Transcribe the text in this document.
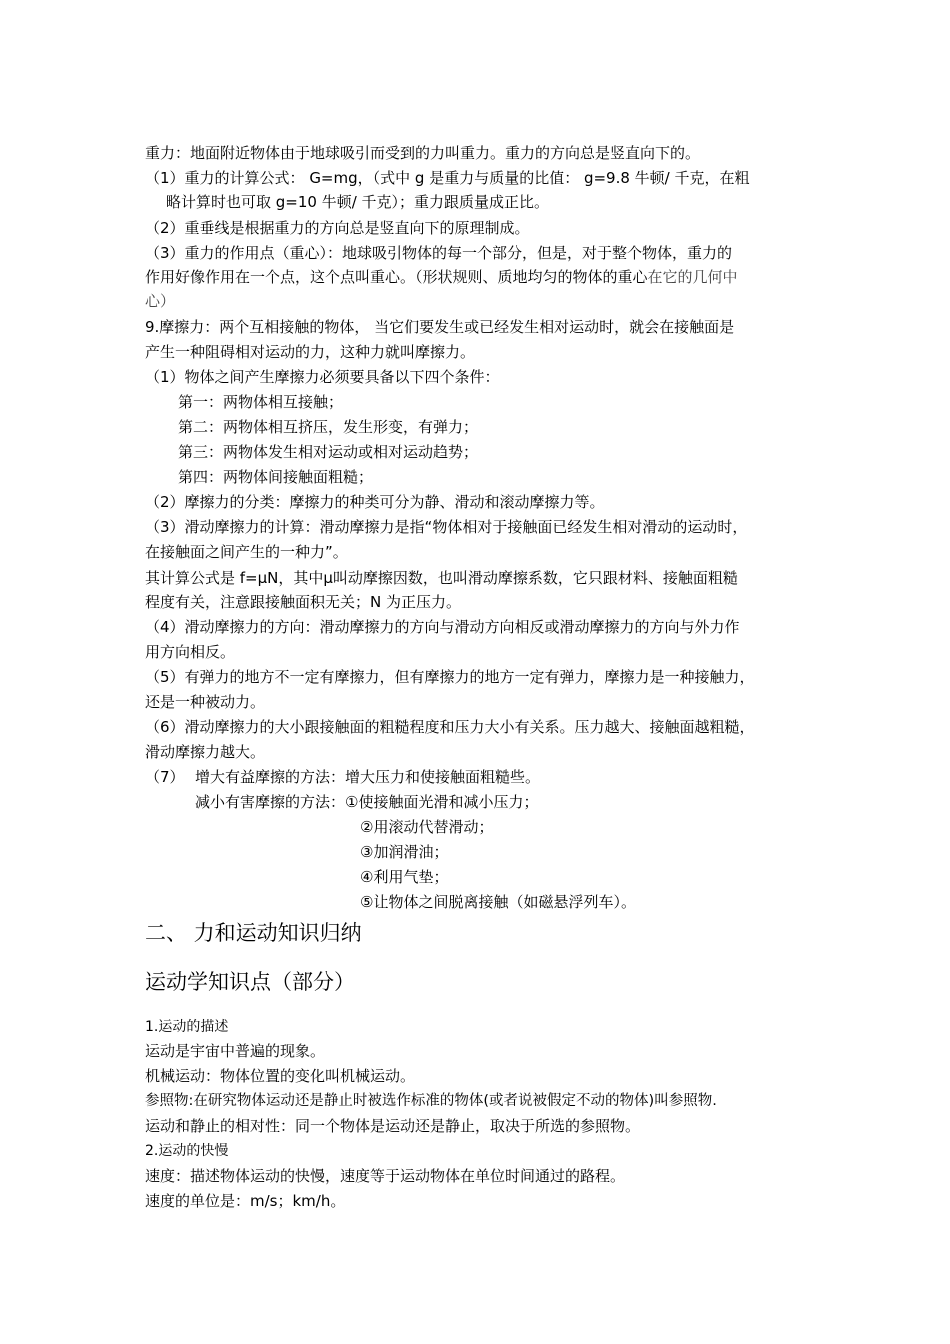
重力：地面附近物体由于地球吸引而受到的力叫重力。重力的方向总是竖直向下的。
（1）重力的计算公式： G=mg，（式中 g 是重力与质量的比值： g=9.8 牛顿/ 千克，在粗
略计算时也可取 g=10 牛顿/ 千克）；重力跟质量成正比。
（2）重垂线是根据重力的方向总是竖直向下的原理制成。
（3）重力的作用点（重心）：地球吸引物体的每一个部分，但是，对于整个物体，重力的
作用好像作用在一个点，这个点叫重心。（形状规则、质地均匀的物体的重心在它的几何中
心）
9.摩擦力：两个互相接触的物体， 当它们要发生或已经发生相对运动时，就会在接触面是
产生一种阻碍相对运动的力，这种力就叫摩擦力。
（1）物体之间产生摩擦力必须要具备以下四个条件：
第一：两物体相互接触；
第二：两物体相互挤压，发生形变，有弹力；
第三：两物体发生相对运动或相对运动趋势；
第四：两物体间接触面粗糙；
（2）摩擦力的分类：摩擦力的种类可分为静、滑动和滚动摩擦力等。
（3）滑动摩擦力的计算：滑动摩擦力是指“物体相对于接触面已经发生相对滑动的运动时，
在接触面之间产生的一种力”。
其计算公式是 f=μN，其中μ叫动摩擦因数，也叫滑动摩擦系数，它只跟材料、接触面粗糙
程度有关，注意跟接触面积无关；N 为正压力。
（4）滑动摩擦力的方向：滑动摩擦力的方向与滑动方向相反或滑动摩擦力的方向与外力作
用方向相反。
（5）有弹力的地方不一定有摩擦力，但有摩擦力的地方一定有弹力，摩擦力是一种接触力，
还是一种被动力。
（6）滑动摩擦力的大小跟接触面的粗糙程度和压力大小有关系。压力越大、接触面越粗糙，
滑动摩擦力越大。
（7） 增大有益摩擦的方法：增大压力和使接触面粗糙些。
减小有害摩擦的方法：①使接触面光滑和减小压力；
②用滚动代替滑动；
③加润滑油；
④利用气垫；
⑤让物体之间脱离接触（如磁悬浮列车）。
二、 力和运动知识归纳
运动学知识点（部分）
1.运动的描述
运动是宇宙中普遍的现象。
机械运动：物体位置的变化叫机械运动。
参照物:在研究物体运动还是静止时被选作标准的物体(或者说被假定不动的物体)叫参照物.
运动和静止的相对性：同一个物体是运动还是静止，取决于所选的参照物。
2.运动的快慢
速度：描述物体运动的快慢，速度等于运动物体在单位时间通过的路程。
速度的单位是：m/s；km/h。
